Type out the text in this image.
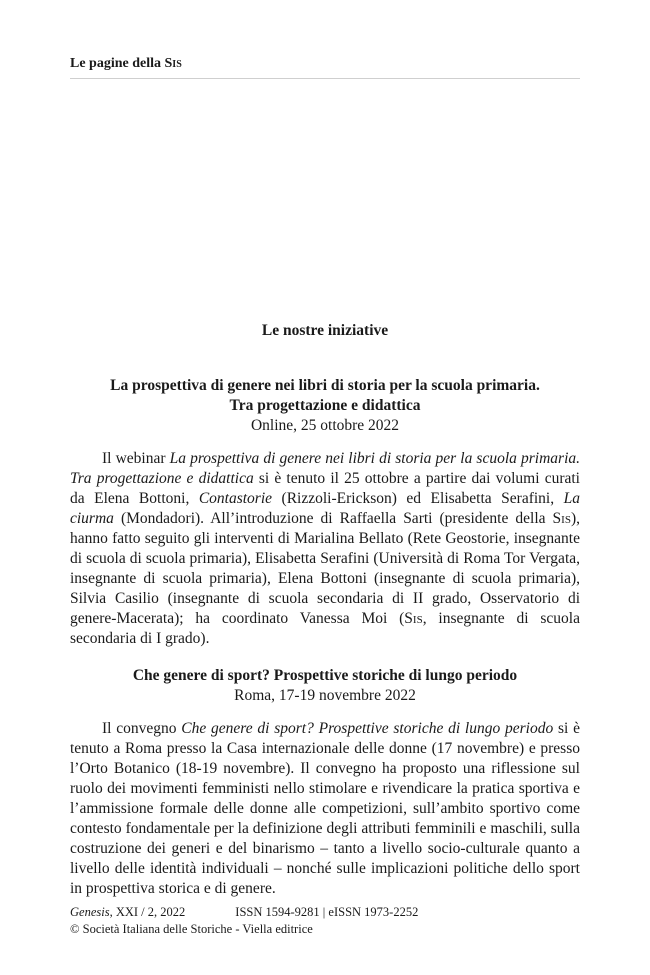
Le pagine della Sis
Le nostre iniziative
La prospettiva di genere nei libri di storia per la scuola primaria.
Tra progettazione e didattica
Online, 25 ottobre 2022

Il webinar La prospettiva di genere nei libri di storia per la scuola primaria. Tra progettazione e didattica si è tenuto il 25 ottobre a partire dai volumi curati da Elena Bottoni, Contastorie (Rizzoli-Erickson) ed Elisabetta Serafini, La ciurma (Mondadori). All’introduzione di Raffaella Sarti (presidente della Sis), hanno fatto seguito gli interventi di Marialina Bellato (Rete Geostorie, insegnante di scuola di scuola primaria), Elisabetta Serafini (Università di Roma Tor Vergata, insegnante di scuola primaria), Elena Bottoni (insegnante di scuola primaria), Silvia Casilio (insegnante di scuola secondaria di II grado, Osservatorio di genere-Macerata); ha coordinato Vanessa Moi (Sis, insegnante di scuola secondaria di I grado).

Che genere di sport? Prospettive storiche di lungo periodo
Roma, 17-19 novembre 2022

Il convegno Che genere di sport? Prospettive storiche di lungo periodo si è tenuto a Roma presso la Casa internazionale delle donne (17 novembre) e presso l’Orto Botanico (18-19 novembre). Il convegno ha proposto una riflessione sul ruolo dei movimenti femministi nello stimolare e rivendicare la pratica sportiva e l’ammissione formale delle donne alle competizioni, sull’ambito sportivo come contesto fondamentale per la definizione degli attributi femminili e maschili, sulla costruzione dei generi e del binarismo – tanto a livello socio-culturale quanto a livello delle identità individuali – nonché sulle implicazioni politiche dello sport in prospettiva storica e di genere.

Genesis, XXI / 2, 2022	ISSN 1594-9281 | eISSN 1973-2252
© Società Italiana delle Storiche - Viella editrice
